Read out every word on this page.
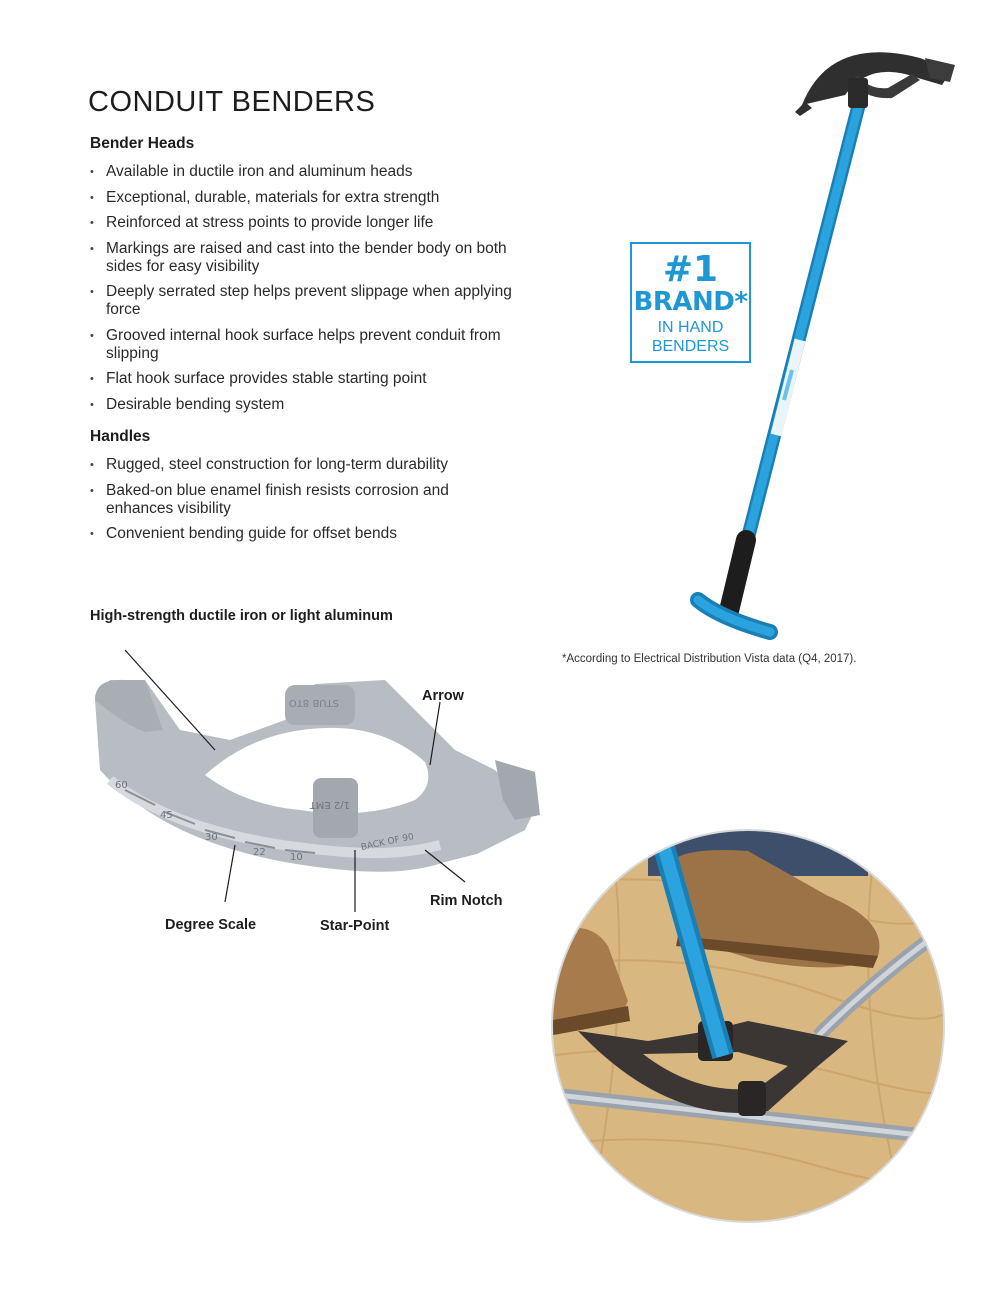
CONDUIT BENDERS
Bender Heads
• Available in ductile iron and aluminum heads
• Exceptional, durable, materials for extra strength
• Reinforced at stress points to provide longer life
• Markings are raised and cast into the bender body on both sides for easy visibility
• Deeply serrated step helps prevent slippage when applying force
• Grooved internal hook surface helps prevent conduit from slipping
• Flat hook surface provides stable starting point
• Desirable bending system
Handles
• Rugged, steel construction for long-term durability
• Baked-on blue enamel finish resists corrosion and enhances visibility
• Convenient bending guide for offset bends
#1
BRAND*
IN HAND
BENDERS
*According to Electrical Distribution Vista data (Q4, 2017).
High-strength ductile iron or light aluminum
STUB 8TO
1/2 EMT
60
45
30
22 10
BACK OF 90
Arrow
Rim Notch
Degree Scale	Star-Point
